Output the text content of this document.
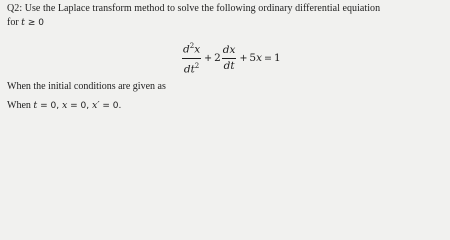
Q2: Use the Laplace transform method to solve the following ordinary differential equiation
for t ≥ 0
$\frac{d^2x}{dt^2} + 2 \frac{dx}{dt} + 5$ x = 1
When the initial conditions are given as
When t = 0, x = 0, x′ = 0.
